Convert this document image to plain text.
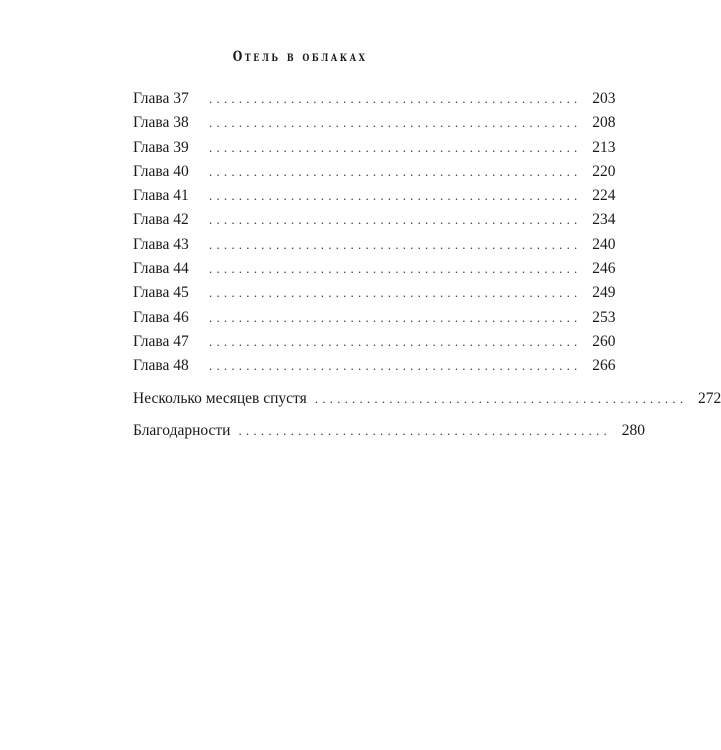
Отель в облаках
Глава 37	.................................................. 203
Глава 38	.................................................. 208
Глава 39	.................................................. 213
Глава 40	.................................................. 220
Глава 41	.................................................. 224
Глава 42	.................................................. 234
Глава 43	.................................................. 240
Глава 44	.................................................. 246
Глава 45	.................................................. 249
Глава 46	.................................................. 253
Глава 47	.................................................. 260
Глава 48	.................................................. 266
Несколько месяцев спустя .................................................. 272
Благодарности .................................................. 280
